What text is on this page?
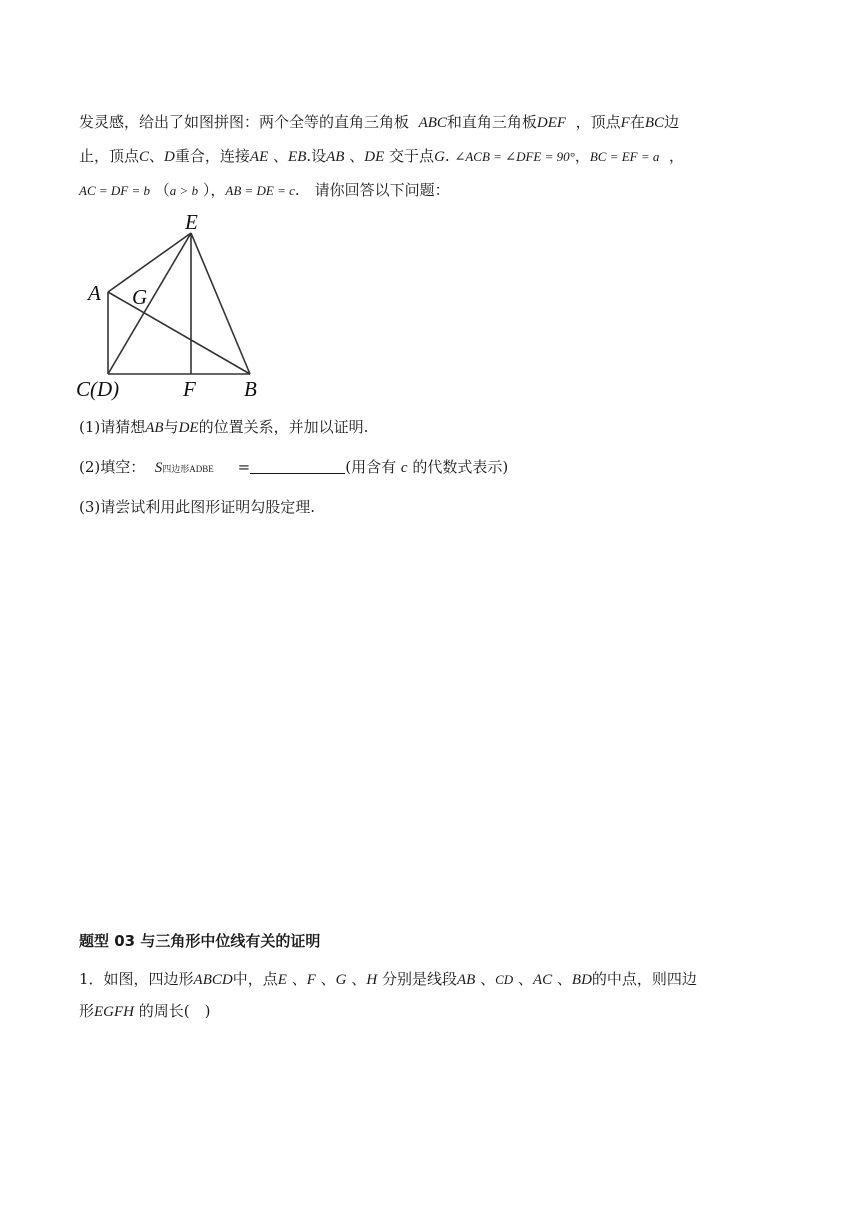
发灵感，给出了如图拼图：两个全等的直角三角板 ABC和直角三角板DEF ，顶点F在BC边
止，顶点C、D重合，连接AE 、EB.设AB 、DE 交于点G. ∠ACB = ∠DFE = 90°，BC = EF = a ，
AC = DF = b （a > b ），AB = DE = c.　请你回答以下问题：
E
A G
C(D)	F B
(1)请猜想AB与DE的位置关系，并加以证明.
(2)填空： S四边形ADBE =	(用含有 c 的代数式表示)
(3)请尝试利用此图形证明勾股定理.
题型 03 与三角形中位线有关的证明
1．如图，四边形ABCD中，点E 、F 、G 、H 分别是线段AB 、CD 、AC 、BD的中点，则四边
形EGFH 的周长(　)
